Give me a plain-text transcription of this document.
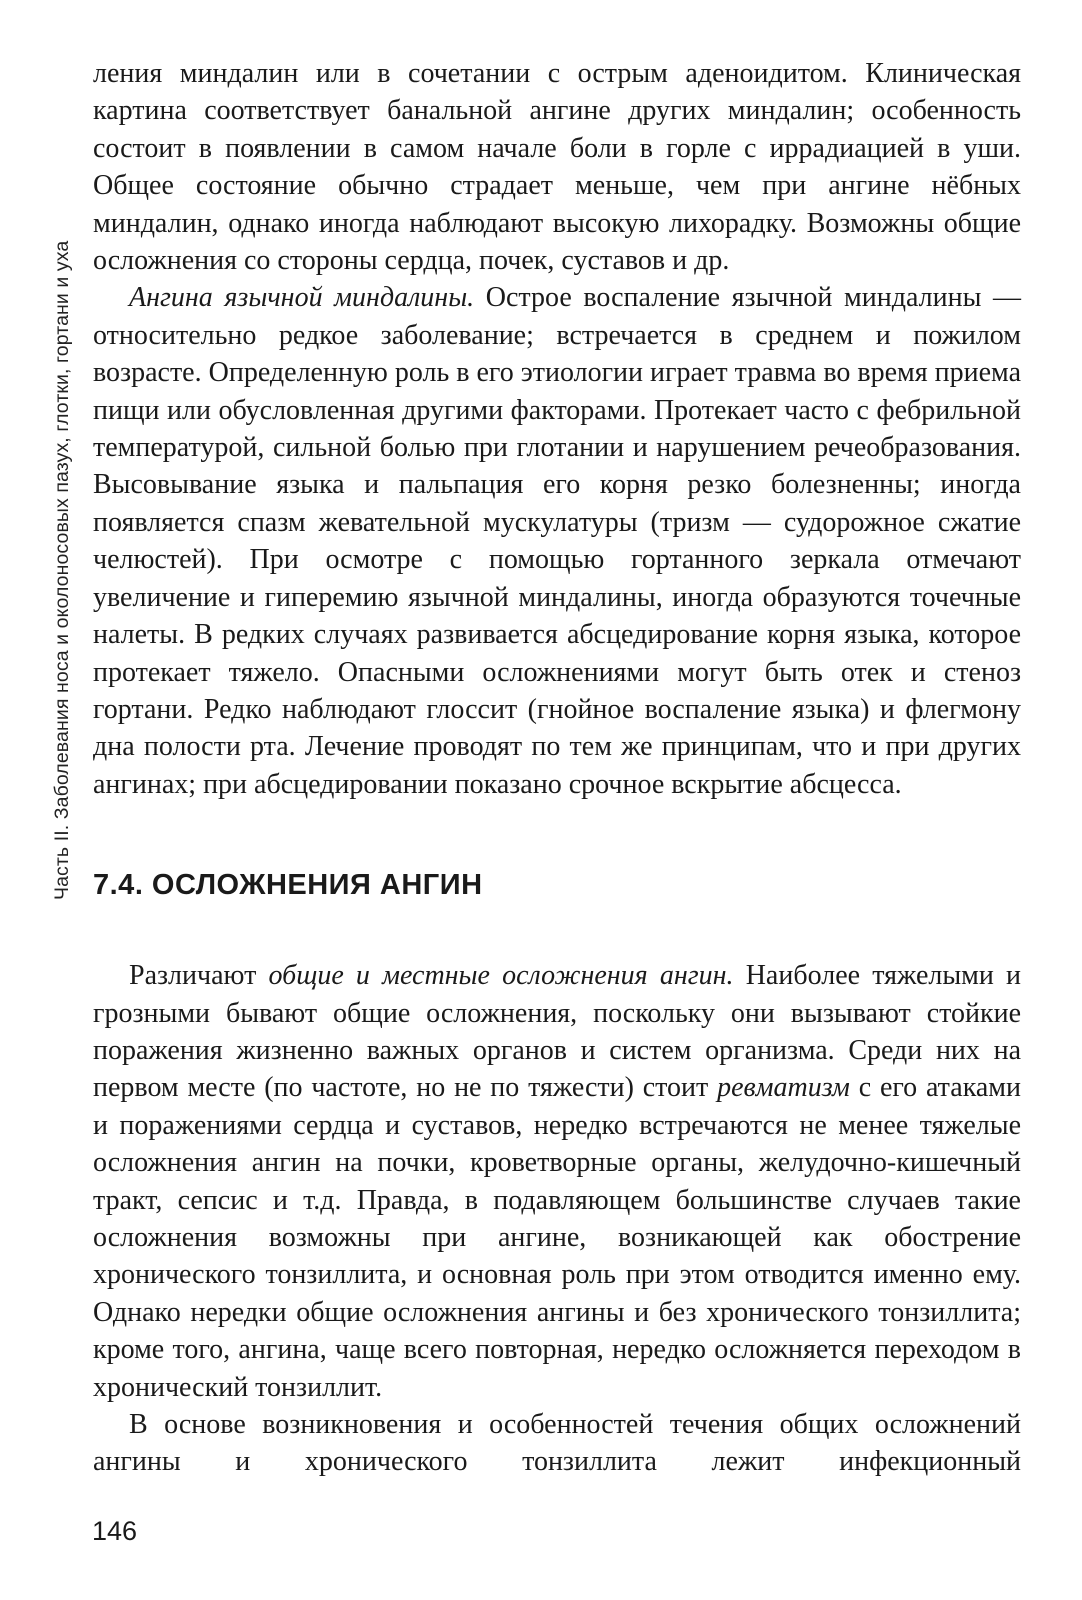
Часть II. Заболевания носа и околоносовых пазух, глотки, гортани и уха

ления миндалин или в сочетании с острым аденоидитом. Клиническая картина соответствует банальной ангине других миндалин; особенность состоит в появлении в самом начале боли в горле с иррадиацией в уши. Общее состояние обычно страдает меньше, чем при ангине нёбных миндалин, однако иногда наблюдают высокую лихорадку. Возможны общие осложнения со стороны сердца, почек, суставов и др.

Ангина язычной миндалины. Острое воспаление язычной миндалины — относительно редкое заболевание; встречается в среднем и пожилом возрасте. Определенную роль в его этиологии играет травма во время приема пищи или обусловленная другими факторами. Протекает часто с фебрильной температурой, сильной болью при глотании и нарушением речеобразования. Высовывание языка и пальпация его корня резко болезненны; иногда появляется спазм жевательной мускулатуры (тризм — судорожное сжатие челюстей). При осмотре с помощью гортанного зеркала отмечают увеличение и гиперемию язычной миндалины, иногда образуются точечные налеты. В редких случаях развивается абсцедирование корня языка, которое протекает тяжело. Опасными осложнениями могут быть отек и стеноз гортани. Редко наблюдают глоссит (гнойное воспаление языка) и флегмону дна полости рта. Лечение проводят по тем же принципам, что и при других ангинах; при абсцедировании показано срочное вскрытие абсцесса.

7.4. ОСЛОЖНЕНИЯ АНГИН

Различают общие и местные осложнения ангин. Наиболее тяжелыми и грозными бывают общие осложнения, поскольку они вызывают стойкие поражения жизненно важных органов и систем организма. Среди них на первом месте (по частоте, но не по тяжести) стоит ревматизм с его атаками и поражениями сердца и суставов, нередко встречаются не менее тяжелые осложнения ангин на почки, кроветворные органы, желудочно-кишечный тракт, сепсис и т.д. Правда, в подавляющем большинстве случаев такие осложнения возможны при ангине, возникающей как обострение хронического тонзиллита, и основная роль при этом отводится именно ему. Однако нередки общие осложнения ангины и без хронического тонзиллита; кроме того, ангина, чаще всего повторная, нередко осложняется переходом в хронический тонзиллит.

В основе возникновения и особенностей течения общих осложнений ангины и хронического тонзиллита лежит инфекционный

146
